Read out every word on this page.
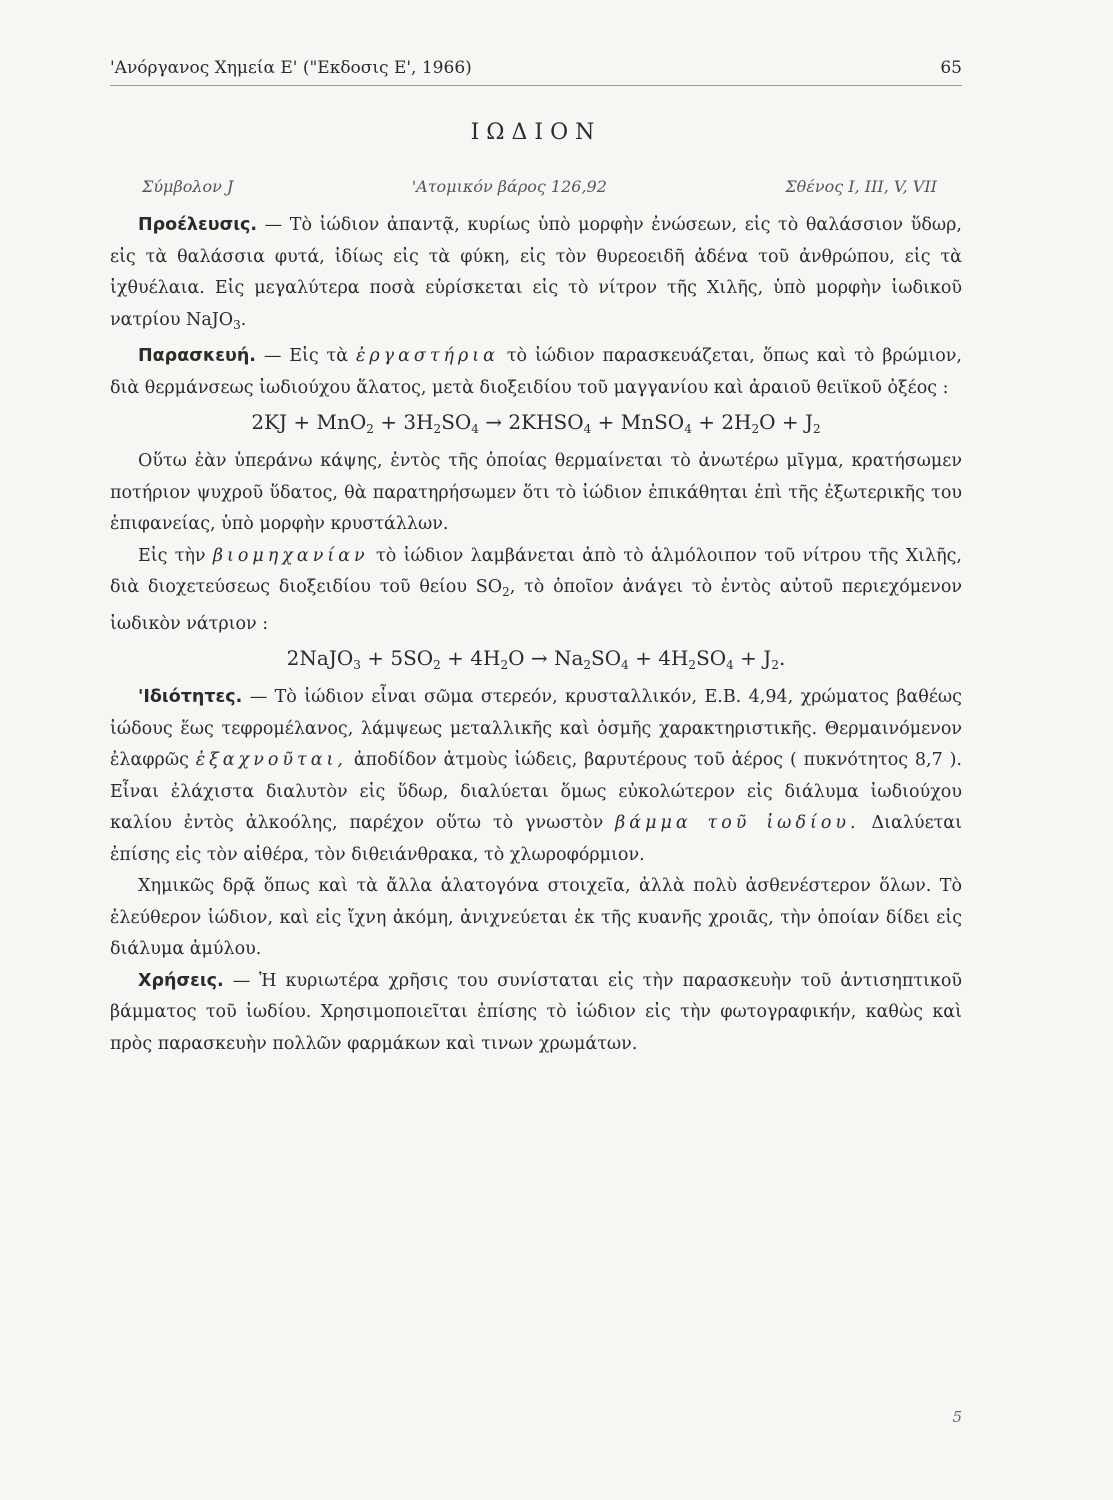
'Ανόργανος Χημεία Ε' ("Εκδοσις Ε', 1966)	65
ΙΩΔΙΟΝ
Σύμβολον J	'Ατομικόν βάρος 126,92	Σθένος I, III, V, VII

Προέλευσις. — Τὸ ἰώδιον ἀπαντᾷ, κυρίως ὑπὸ μορφὴν ἐνώσεων, εἰς τὸ θαλάσσιον ὕδωρ, εἰς τὰ θαλάσσια φυτά, ἰδίως εἰς τὰ φύκη, εἰς τὸν θυρεοειδῆ ἀδένα τοῦ ἀνθρώπου, εἰς τὰ ἰχθυέλαια. Εἰς μεγαλύτερα ποσὰ εὑρίσκεται εἰς τὸ νίτρον τῆς Χιλῆς, ὑπὸ μορφὴν ἰωδικοῦ νατρίου NaJO$_3$.

Παρασκευή. — Εἰς τὰ ἐργαστήρια τὸ ἰώδιον παρασκευάζεται, ὅπως καὶ τὸ βρώμιον, διὰ θερμάνσεως ἰωδιούχου ἅλατος, μετὰ διοξειδίου τοῦ μαγγανίου καὶ ἀραιοῦ θειϊκοῦ ὀξέος :

$2KJ + MnO_2 + 3H_2SO_4$ → $2KHSO_4$ + MnSO$_4$ + $2H_2O + J_2$

Οὕτω ἐὰν ὑπεράνω κάψης, ἐντὸς τῆς ὁποίας θερμαίνεται τὸ ἀνωτέρω μῖγμα, κρατήσωμεν ποτήριον ψυχροῦ ὕδατος, θὰ παρατηρήσωμεν ὅτι τὸ ἰώδιον ἐπικάθηται ἐπὶ τῆς ἐξωτερικῆς του ἐπιφανείας, ὑπὸ μορφὴν κρυστάλλων.

Εἰς τὴν βιομηχανίαν τὸ ἰώδιον λαμβάνεται ἀπὸ τὸ ἁλμόλοιπον τοῦ νίτρου τῆς Χιλῆς, διὰ διοχετεύσεως διοξειδίου τοῦ θείου $SO_2$, τὸ ὁποῖον ἀνάγει τὸ ἐντὸς αὐτοῦ περιεχόμενον ἰωδικὸν νάτριον :

2NaJO$_3$ + $5SO_2 + 4H_2O \to Na_2SO_4 + 4H_2SO_4 + J_2$.

'Ιδιότητες. — Τὸ ἰώδιον εἶναι σῶμα στερεόν, κρυσταλλικόν, Ε.Β. 4,94, χρώματος βαθέως ἰώδους ἕως τεφρομέλανος, λάμψεως μεταλλικῆς καὶ ὀσμῆς χαρακτηριστικῆς. Θερμαινόμενον ἐλαφρῶς ἐξαχνοῦται, ἀποδίδον ἀτμοὺς ἰώδεις, βαρυτέρους τοῦ ἀέρος ( πυκνότητος 8,7 ). Εἶναι ἐλάχιστα διαλυτὸν εἰς ὕδωρ, διαλύεται ὅμως εὐκολώτερον εἰς διάλυμα ἰωδιούχου καλίου ἐντὸς ἀλκοόλης, παρέχον οὕτω τὸ γνωστὸν βάμμα τοῦ ἰωδίου. Διαλύεται ἐπίσης εἰς τὸν αἰθέρα, τὸν διθειάνθρακα, τὸ χλωροφόρμιον.

Χημικῶς δρᾷ ὅπως καὶ τὰ ἄλλα ἀλατογόνα στοιχεῖα, ἀλλὰ πολὺ ἀσθενέστερον ὅλων. Τὸ ἐλεύθερον ἰώδιον, καὶ εἰς ἴχνη ἀκόμη, ἀνιχνεύεται ἐκ τῆς κυανῆς χροιᾶς, τὴν ὁποίαν δίδει εἰς διάλυμα ἀμύλου.

Χρήσεις. — Ἡ κυριωτέρα χρῆσις του συνίσταται εἰς τὴν παρασκευὴν τοῦ ἀντισηπτικοῦ βάμματος τοῦ ἰωδίου. Χρησιμοποιεῖται ἐπίσης τὸ ἰώδιον εἰς τὴν φωτογραφικήν, καθὼς καὶ πρὸς παρασκευὴν πολλῶν φαρμάκων καὶ τινων χρωμάτων.

5
